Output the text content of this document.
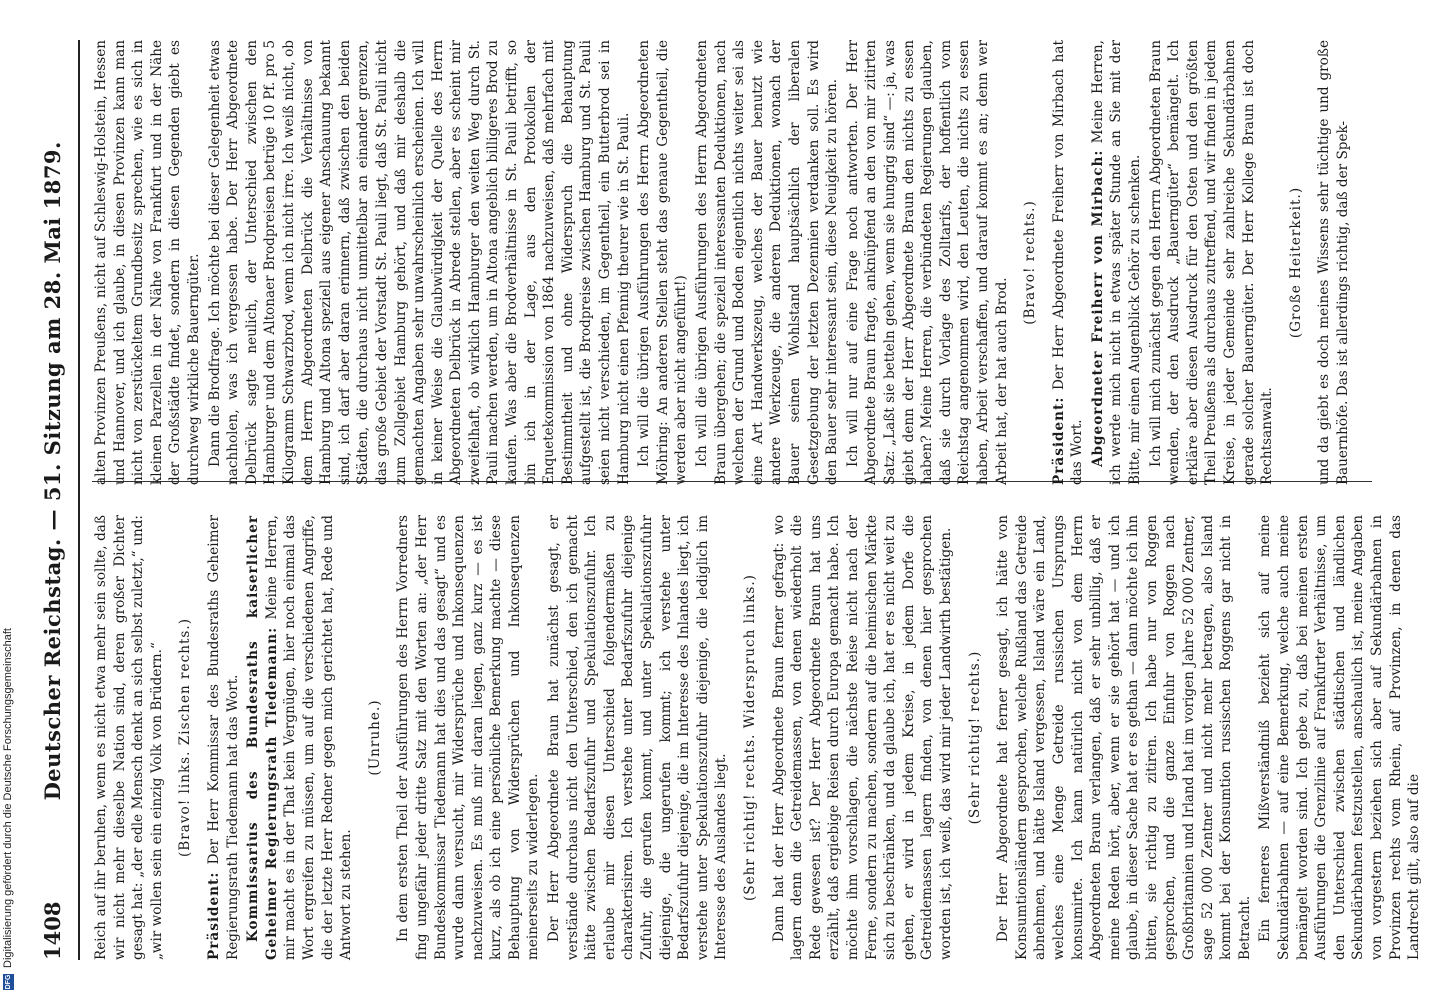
1408
Deutscher Reichstag. — 51. Sitzung am 28. Mai 1879. Reich auf ihr beruhen, wenn es nicht etwa mehr sein sollte, daß wir nicht mehr dieselbe Nation sind, deren großer Dichter gesagt hat: „der edle Mensch denkt an sich selbst zuletzt,“ und: „wir wollen sein ein einzig Volk von Brüdern.“ (Bravo! links. Zischen rechts.)

Präsident: Der Herr Kommissar des Bundesraths Geheimer Regierungsrath Tiedemann hat das Wort. Kommissarius des Bundesraths kaiserlicher Geheimer Regierungsrath Tiedemann: Meine Herren, mir macht es in der That kein Vergnügen, hier noch einmal das Wort ergreifen zu müssen, um auf die verschiedenen Angriffe, die der letzte Herr Redner gegen mich gerichtet hat, Rede und Antwort zu stehen.

(Unruhe.) In dem ersten Theil der Ausführungen des Herrn Vorredners fing ungefähr jeder dritte Satz mit den Worten an: „der Herr Bundeskommissar Tiedemann hat dies und das gesagt“ und es wurde dann versucht, mir Widersprüche und Inkonsequenzen nachzuweisen. Es muß mir daran liegen, ganz kurz — es ist kurz, als ob ich eine persönliche Bemerkung machte — diese Behauptung von Widersprüchen und Inkonsequenzen meinerseits zu widerlegen. Der Herr Abgeordnete Braun hat zunächst gesagt, er verstände durchaus nicht den Unterschied, den ich gemacht hätte zwischen Bedarfszufuhr und Spekulationszufuhr. Ich erlaube mir diesen Unterschied folgendermaßen zu charakterisiren. Ich verstehe unter Bedarfszufuhr diejenige Zufuhr, die gerufen kommt, und unter Spekulationszufuhr diejenige, die ungerufen kommt; ich verstehe unter Bedarfszufuhr diejenige, die im Interesse des Inlandes liegt, ich verstehe unter Spekulationszufuhr diejenige, die lediglich im Interesse des Auslandes liegt. (Sehr richtig! rechts. Widerspruch links.) Dann hat der Herr Abgeordnete Braun ferner gefragt: wo lagern denn die Getreidemassen, von denen wiederholt die Rede gewesen ist? Der Herr Abgeordnete Braun hat uns erzählt, daß ergiebige Reisen durch Europa gemacht habe. Ich möchte ihm vorschlagen, die nächste Reise nicht nach der Ferne, sondern zu machen, sondern auf die heimischen Märkte sich zu beschränken, und da glaube ich, hat er es nicht weit zu gehen, er wird in jedem Kreise, in jedem Dorfe die Getreidemassen lagern finden, von denen hier gesprochen worden ist, ich weiß, das wird mir jeder Landwirth bestätigen. (Sehr richtig! rechts.) Der Herr Abgeordnete hat ferner gesagt, ich hätte von Konsumtionsländern gesprochen, welche Rußland das Getreide abnehmen, und hätte Island vergessen, Island wäre ein Land, welches eine Menge Getreide russischen Ursprungs konsumirte. Ich kann natürlich nicht von dem Herrn Abgeordneten Braun verlangen, daß er sehr unbillig, daß er meine Reden hört, aber, wenn er sie gehört hat — und ich glaube, in dieser Sache hat er es gethan — dann möchte ich ihn bitten, sie richtig zu zitiren. Ich habe nur von Roggen gesprochen, und die ganze Einfuhr von Roggen nach Großbritannien und Irland hat im vorigen Jahre 52 000 Zentner, sage 52 000 Zentner und nicht mehr betragen, also Island kommt bei der Konsumtion russischen Roggens gar nicht in Betracht. Ein ferneres Mißverständniß bezieht sich auf meine Sekundärbahnen — auf eine Bemerkung, welche auch meine bemängelt worden sind. Ich gebe zu, daß bei meinen ersten Ausführungen die Grenzlinie auf Frankfurter Verhältnisse, um den Unterschied zwischen städtischen und ländlichen Sekundärbahnen festzustellen, anschaulich ist, meine Angaben von vorgestern beziehen sich aber auf Sekundärbahnen in Provinzen rechts vom Rhein, auf Provinzen, in denen das Landrecht gilt, also auf die

alten Provinzen Preußens, nicht auf Schleswig-Holstein, Hessen und Hannover, und ich glaube, in diesen Provinzen kann man nicht von zerstückeltem Grundbesitz sprechen, wie es sich in kleinen Parzellen in der Nähe von Frankfurt und in der Nähe der Großstädte findet, sondern in diesen Gegenden giebt es durchweg wirkliche Bauerngüter. Dann die Brodfrage. Ich möchte bei dieser Gelegenheit etwas nachholen, was ich vergessen habe. Der Herr Abgeordnete Delbrück sagte neulich, der Unterschied zwischen den Hamburger und dem Altonaer Brodpreisen betrüge 10 Pf. pro 5 Kilogramm Schwarzbrod, wenn ich nicht irre. Ich weiß nicht, ob dem Herrn Abgeordneten Delbrück die Verhältnisse von Hamburg und Altona speziell aus eigener Anschauung bekannt sind, ich darf aber daran erinnern, daß zwischen den beiden Städten, die durchaus nicht unmittelbar an einander grenzen, das große Gebiet der Vorstadt St. Pauli liegt, daß St. Pauli nicht zum Zollgebiet Hamburg gehört, und daß mir deshalb die gemachten Angaben sehr unwahrscheinlich erscheinen. Ich will in keiner Weise die Glaubwürdigkeit der Quelle des Herrn Abgeordneten Delbrück in Abrede stellen, aber es scheint mir zweifelhaft, ob wirklich Hamburger den weiten Weg durch St. Pauli machen werden, um in Altona angeblich billigeres Brod zu kaufen. Was aber die Brodverhältnisse in St. Pauli betrifft, so bin ich in der Lage, aus den Protokollen der Enquetekommission von 1864 nachzuweisen, daß mehrfach mit Bestimmtheit und ohne Widerspruch die Behauptung aufgestellt ist, die Brodpreise zwischen Hamburg und St. Pauli seien nicht verschieden, im Gegentheil, ein Butterbrod sei in Hamburg nicht einen Pfennig theurer wie in St. Pauli. Ich will die übrigen Ausführungen des Herrn Abgeordneten Möhring: An anderen Stellen steht das genaue Gegentheil, die werden aber nicht angeführt!) Ich will die übrigen Ausführungen des Herrn Abgeordneten Braun übergehen; die speziell interessanten Deduktionen, nach welchen der Grund und Boden eigentlich nichts weiter sei als eine Art Handwerkszeug, welches der Bauer benutzt wie andere Werkzeuge, die anderen Deduktionen, wonach der Bauer seinen Wohlstand hauptsächlich der liberalen Gesetzgebung der letzten Dezennien verdanken soll. Es wird den Bauer sehr interessant sein, diese Neuigkeit zu hören. Ich will nur auf eine Frage noch antworten. Der Herr Abgeordnete Braun fragte, anknüpfend an den von mir zitirten Satz: „Laßt sie betteln gehen, wenn sie hungrig sind“ —: ja, was giebt denn der Herr Abgeordnete Braun den nichts zu essen haben? Meine Herren, die verbündeten Regierungen glauben, daß sie durch Vorlage des Zolltarifs, der hoffentlich vom Reichstag angenommen wird, den Leuten, die nichts zu essen haben, Arbeit verschaffen, und darauf kommt es an; denn wer Arbeit hat, der hat auch Brod.

(Bravo! rechts.)

Präsident: Der Herr Abgeordnete Freiherr von Mirbach hat das Wort. Abgeordneter Freiherr von Mirbach: Meine Herren, ich werde mich nicht in etwas später Stunde an Sie mit der Bitte, mir einen Augenblick Gehör zu schenken. Ich will mich zunächst gegen den Herrn Abgeordneten Braun wenden, der den Ausdruck „Bauerngüter“ bemängelt. Ich erkläre aber diesen Ausdruck für den Osten und den größten Theil Preußens als durchaus zutreffend, und wir finden in jedem Kreise, in jeder Gemeinde sehr zahlreiche Sekundärbahnen gerade solcher Bauerngüter. Der Herr Kollege Braun ist doch Rechtsanwalt.

(Große Heiterkeit.) und da giebt es doch meines Wissens sehr tüchtige und große Bauernhöfe. Das ist allerdings richtig, daß der Spek-

DFG
Digitalisierung gefördert durch die Deutsche Forschungsgemeinschaft
